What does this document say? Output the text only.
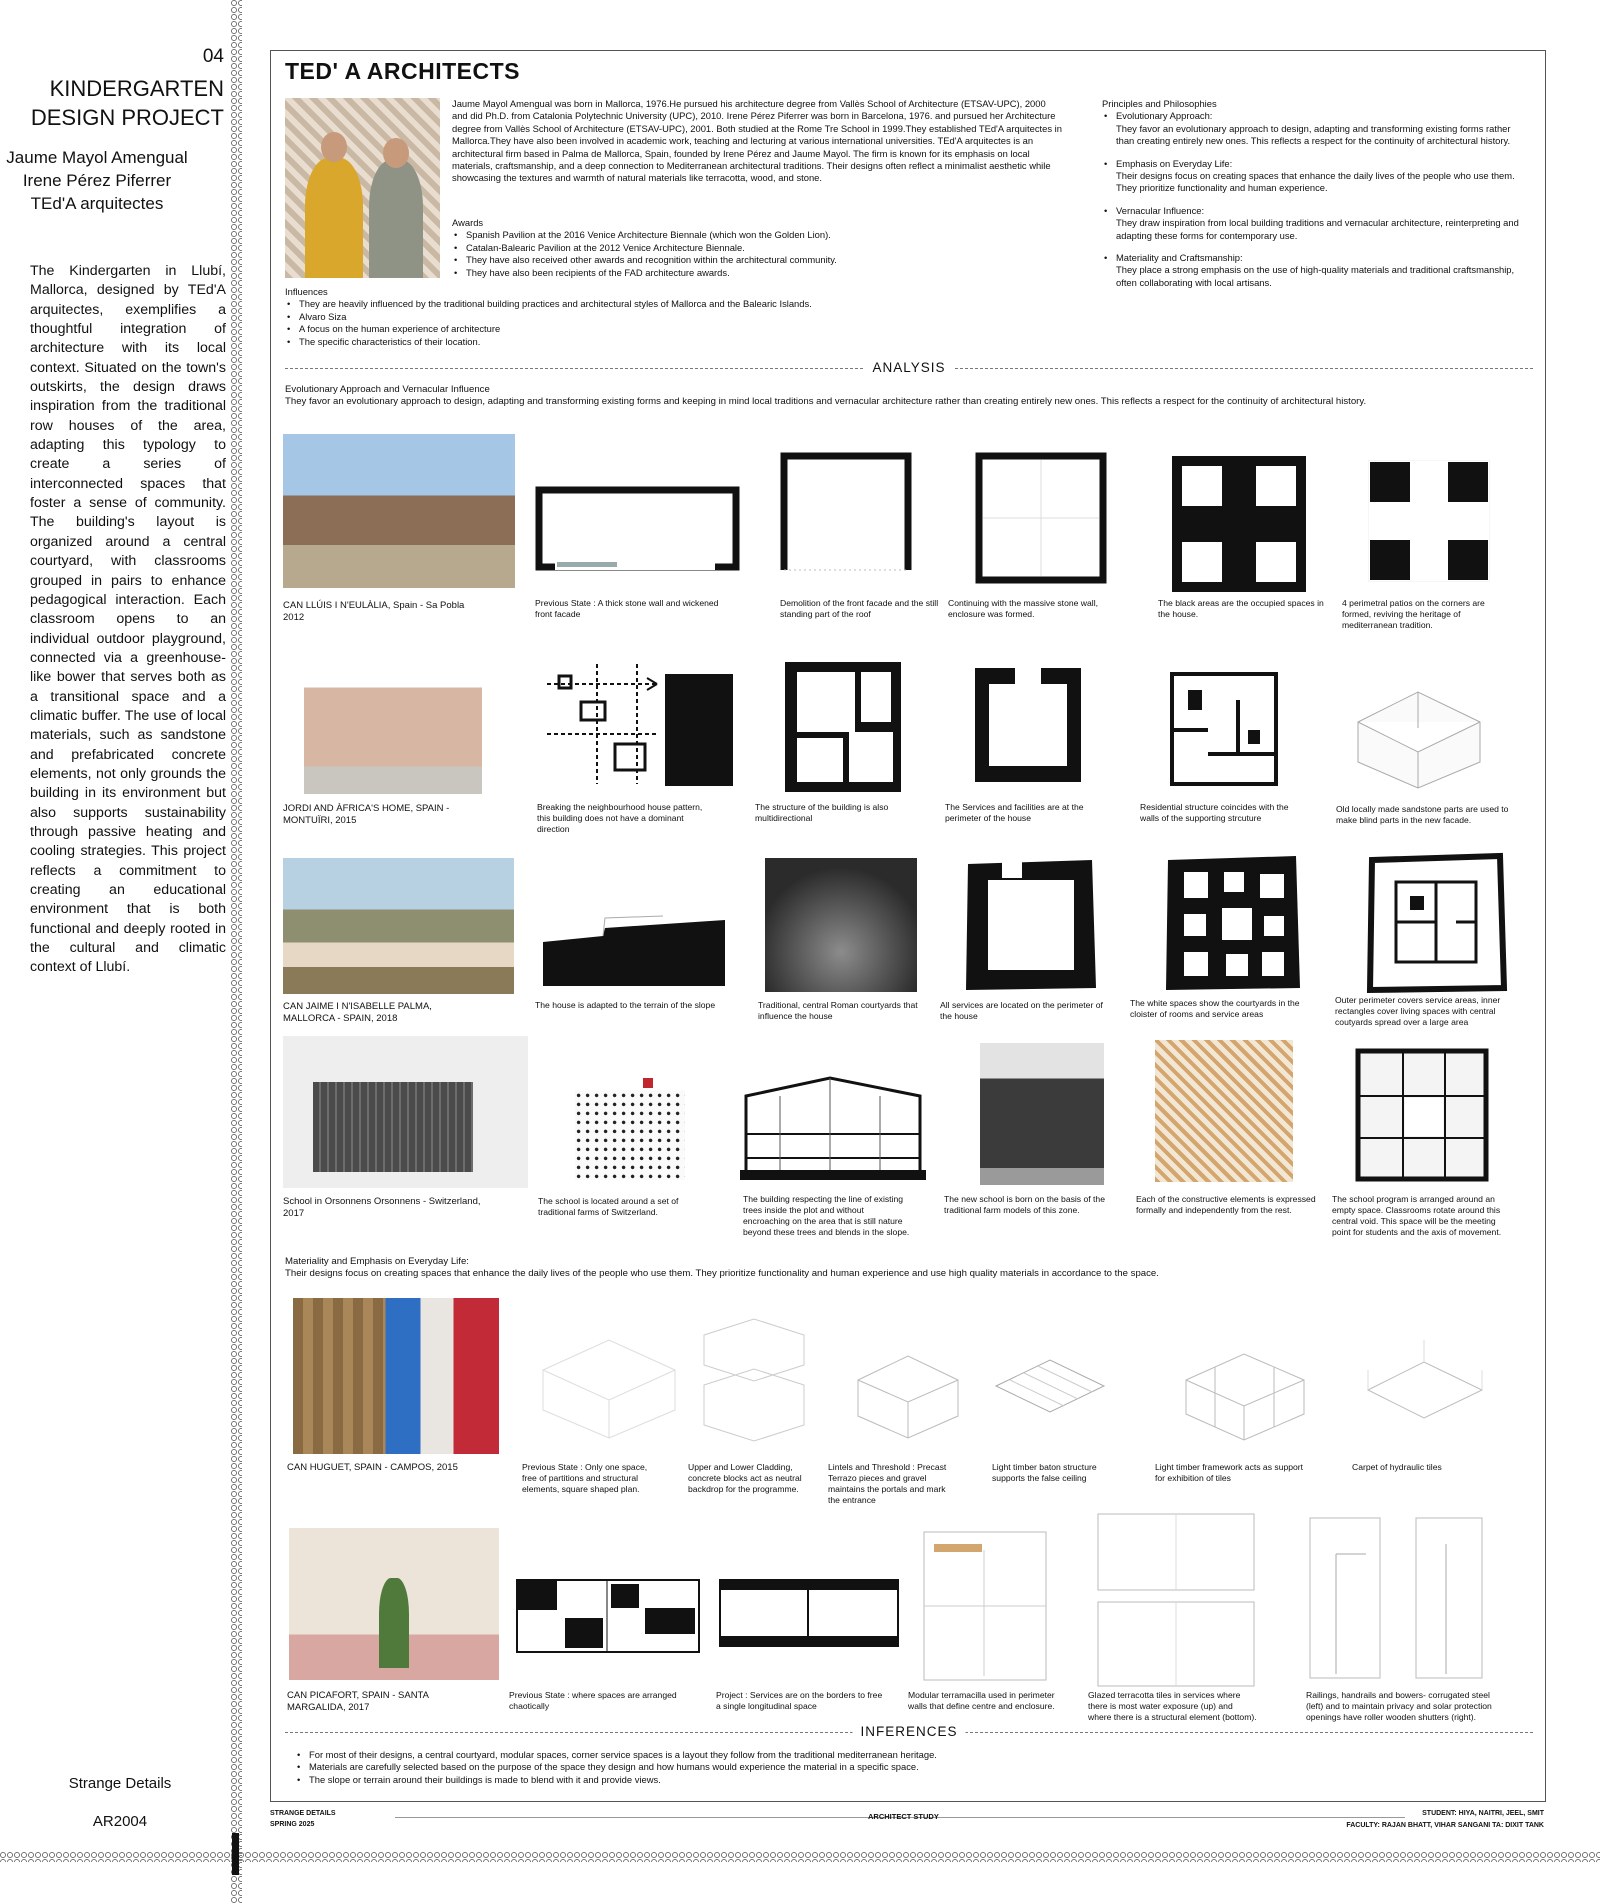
04
KINDERGARTEN
DESIGN PROJECT
Jaume Mayol Amengual
Irene Pérez Piferrer
TEd'A arquitectes
The Kindergarten in Llubí, Mallorca, designed by TEd'A arquitectes, exemplifies a thoughtful integration of architecture with its local context. Situated on the town's outskirts, the design draws inspiration from the traditional row houses of the area, adapting this typology to create a series of interconnected spaces that foster a sense of community. The building's layout is organized around a central courtyard, with classrooms grouped in pairs to enhance pedagogical interaction. Each classroom opens to an individual outdoor playground, connected via a greenhouse-like bower that serves both as a transitional space and a climatic buffer. The use of local materials, such as sandstone and prefabricated concrete elements, not only grounds the building in its environment but also supports sustainability through passive heating and cooling strategies. This project reflects a commitment to creating an educational environment that is both functional and deeply rooted in the cultural and climatic context of Llubí.
Strange Details
AR2004
TED' A ARCHITECTS
Jaume Mayol Amengual was born in Mallorca, 1976.He pursued his architecture degree from Vallès School of Architecture (ETSAV-UPC), 2000 and did Ph.D. from Catalonia Polytechnic University (UPC), 2010. Irene Pérez Piferrer was born in Barcelona, 1976. and pursued her Architecture degree from Vallès School of Architecture (ETSAV-UPC), 2001. Both studied at the Rome Tre School in 1999.They established TEd'A arquitectes in Mallorca.They have also been involved in academic work, teaching and lecturing at various international universities. TEd'A arquitectes is an architectural firm based in Palma de Mallorca, Spain, founded by Irene Pérez and Jaume Mayol. The firm is known for its emphasis on local materials, craftsmanship, and a deep connection to Mediterranean architectural traditions. Their designs often reflect a minimalist aesthetic while showcasing the textures and warmth of natural materials like terracotta, wood, and stone.
Awards
• Spanish Pavilion at the 2016 Venice Architecture Biennale (which won the Golden Lion).
• Catalan-Balearic Pavilion at the 2012 Venice Architecture Biennale.
• They have also received other awards and recognition within the architectural community.
• They have also been recipients of the FAD architecture awards.
Influences
• They are heavily influenced by the traditional building practices and architectural styles of Mallorca and the Balearic Islands.
• Alvaro Siza
• A focus on the human experience of architecture
• The specific characteristics of their location.
Principles and Philosophies
• Evolutionary Approach:
They favor an evolutionary approach to design, adapting and transforming existing forms rather than creating entirely new ones. This reflects a respect for the continuity of architectural history.
• Emphasis on Everyday Life:
Their designs focus on creating spaces that enhance the daily lives of the people who use them. They prioritize functionality and human experience.
• Vernacular Influence:
They draw inspiration from local building traditions and vernacular architecture, reinterpreting and adapting these forms for contemporary use.
• Materiality and Craftsmanship:
They place a strong emphasis on the use of high-quality materials and traditional craftsmanship, often collaborating with local artisans.
ANALYSIS
Evolutionary Approach and Vernacular Influence
They favor an evolutionary approach to design, adapting and transforming existing forms and keeping in mind local traditions and vernacular architecture rather than creating entirely new ones. This reflects a respect for the continuity of architectural history.
CAN LLÚIS I N'EULÀLIA, Spain - Sa Pobla 2012
Previous State : A thick stone wall and wickened front facade
Demolition of the front facade and the still standing part of the roof
Continuing with the massive stone wall, enclosure was formed.
The black areas are the occupied spaces in the house.
4 perimetral patios on the corners are formed, reviving the heritage of mediterranean tradition.
JORDI AND ÀFRICA'S HOME, SPAIN - MONTUÏRI, 2015
Breaking the neighbourhood house pattern, this building does not have a dominant direction
The structure of the building is also multidirectional
The Services and facilities are at the perimeter of the house
Residential structure coincides with the walls of the supporting strcuture
Old locally made sandstone parts are used to make blind parts in the new facade.
CAN JAIME I N'ISABELLE PALMA, MALLORCA - SPAIN, 2018
The house is adapted to the terrain of the slope	Traditional, central Roman courtyards that influence the house
All services are located on the perimeter of the house
The white spaces show the courtyards in the cloister of rooms and service areas
Outer perimeter covers service areas, inner rectangles cover living spaces with central coutyards spread over a large area
School in Orsonnens Orsonnens - Switzerland, 2017
The school is located around a set of traditional farms of Switzerland.
The building respecting the line of existing trees inside the plot and without encroaching on the area that is still nature beyond these trees and blends in the slope.
The new school is born on the basis of the traditional farm models of this zone.
Each of the constructive elements is expressed formally and independently from the rest.
The school program is arranged around an empty space. Classrooms rotate around this central void. This space will be the meeting point for students and the axis of movement.
Materiality and Emphasis on Everyday Life:
Their designs focus on creating spaces that enhance the daily lives of the people who use them. They prioritize functionality and human experience and use high quality materials in accordance to the space.
CAN HUGUET, SPAIN - CAMPOS, 2015	Previous State : Only one space, free of partitions and structural elements, square shaped plan.
Upper and Lower Cladding, concrete blocks act as neutral backdrop for the programme.
Lintels and Threshold : Precast Terrazo pieces and gravel maintains the portals and mark the entrance
Light timber baton structure supports the false ceiling
Light timber framework acts as support for exhibition of tiles
Carpet of hydraulic tiles
CAN PICAFORT, SPAIN - SANTA MARGALIDA, 2017
Previous State : where spaces are arranged chaotically
Project : Services are on the borders to free a single longitudinal space
Modular terramacilla used in perimeter walls that define centre and enclosure.
Glazed terracotta tiles in services where there is most water exposure (up) and where there is a structural element (bottom).
Railings, handrails and bowers- corrugated steel (left) and to maintain privacy and solar protection openings have roller wooden shutters (right).
INFERENCES
• For most of their designs, a central courtyard, modular spaces, corner service spaces is a layout they follow from the traditional mediterranean heritage.
• Materials are carefully selected based on the purpose of the space they design and how humans would experience the material in a specific space.
• The slope or terrain around their buildings is made to blend with it and provide views.
STRANGE DETAILS
SPRING 2025
ARCHITECT STUDY	STUDENT: HIYA, NAITRI, JEEL, SMIT
FACULTY: RAJAN BHATT, VIHAR SANGANI TA: DIXIT TANK
